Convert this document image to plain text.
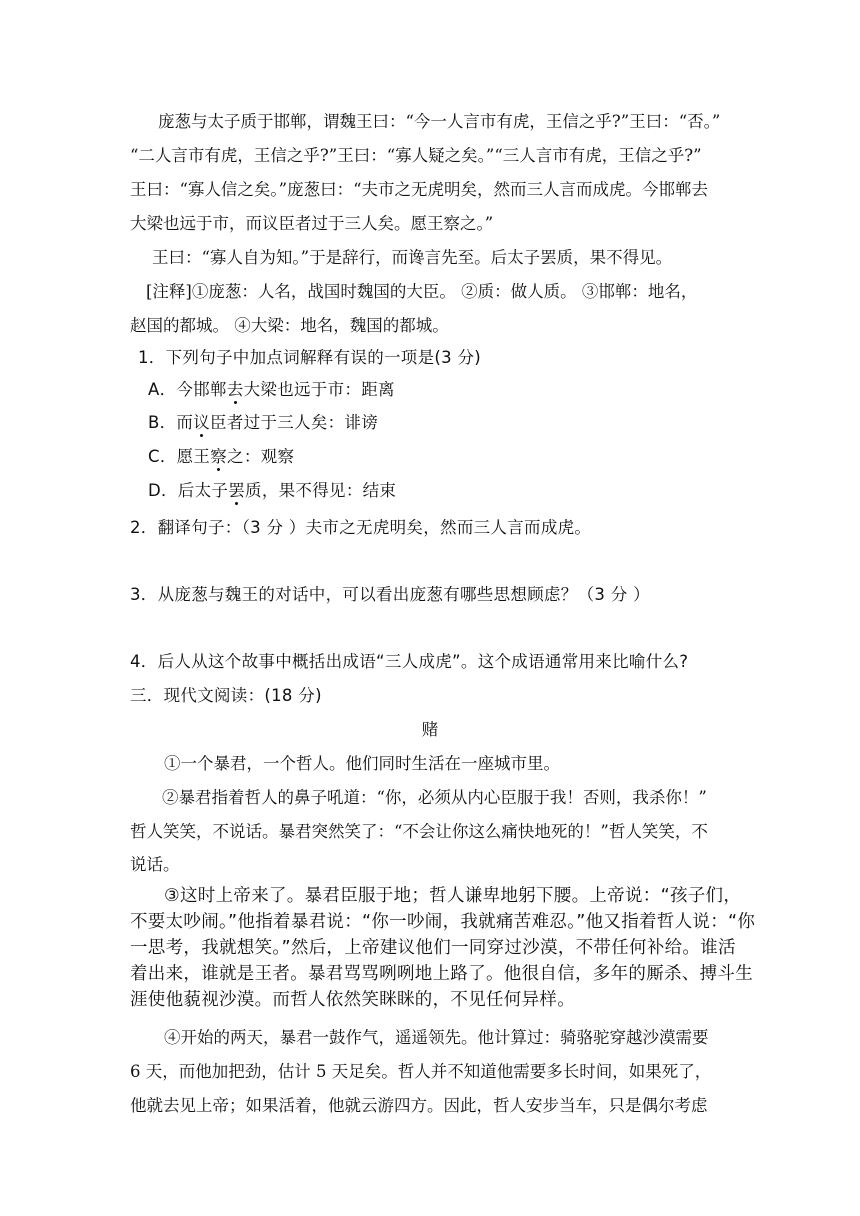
庞葱与太子质于邯郸，谓魏王曰：“今一人言市有虎，王信之乎?”王曰：“否。”
“二人言市有虎，王信之乎?”王曰：“寡人疑之矣。”“三人言市有虎，王信之乎?”
王曰：“寡人信之矣。”庞葱曰：“夫市之无虎明矣，然而三人言而成虎。今邯郸去
大梁也远于市，而议臣者过于三人矣。愿王察之。”
王曰：“寡人自为知。”于是辞行，而谗言先至。后太子罢质，果不得见。
[注释]①庞葱：人名，战国时魏国的大臣。 ②质：做人质。 ③邯郸：地名，
赵国的都城。 ④大梁：地名，魏国的都城。
1．下列句子中加点词解释有误的一项是(3 分)
A．今邯郸去大梁也远于市：距离
B．而议臣者过于三人矣：诽谤
C．愿王察之：观察
D．后太子罢质，果不得见：结束
2．翻译句子：（3 分 ）夫市之无虎明矣，然而三人言而成虎。
3．从庞葱与魏王的对话中，可以看出庞葱有哪些思想顾虑？（3 分 ）
4．后人从这个故事中概括出成语“三人成虎”。这个成语通常用来比喻什么?
三．现代文阅读：(18 分)
赌
①一个暴君，一个哲人。他们同时生活在一座城市里。
②暴君指着哲人的鼻子吼道：“你，必须从内心臣服于我！否则，我杀你！”
哲人笑笑，不说话。暴君突然笑了：“不会让你这么痛快地死的！”哲人笑笑，不
说话。
③这时上帝来了。暴君臣服于地；哲人谦卑地躬下腰。上帝说：“孩子们，
不要太吵闹。”他指着暴君说：“你一吵闹，我就痛苦难忍。”他又指着哲人说：“你
一思考，我就想笑。”然后，上帝建议他们一同穿过沙漠，不带任何补给。谁活
着出来，谁就是王者。暴君骂骂咧咧地上路了。他很自信，多年的厮杀、搏斗生
涯使他藐视沙漠。而哲人依然笑眯眯的，不见任何异样。
④开始的两天，暴君一鼓作气，遥遥领先。他计算过：骑骆驼穿越沙漠需要
6 天，而他加把劲，估计 5 天足矣。哲人并不知道他需要多长时间，如果死了，
他就去见上帝；如果活着，他就云游四方。因此，哲人安步当车，只是偶尔考虑
